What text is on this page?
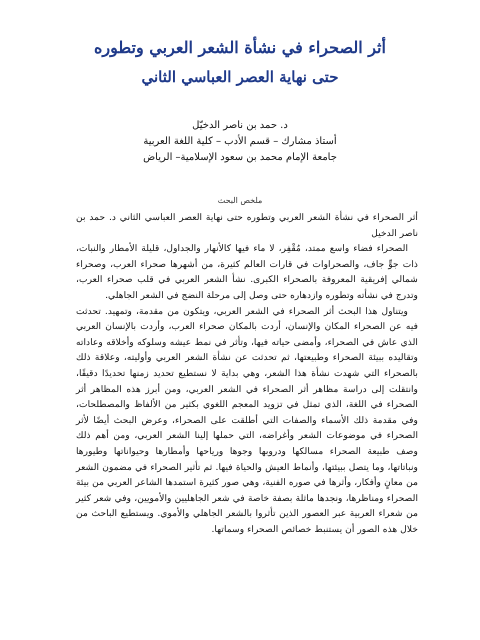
أثر الصحراء في نشأة الشعر العربي وتطوره
حتى نهاية العصر العباسي الثاني

د. حمد بن ناصر الدخيّل

أستاذ مشارك – قسم الأدب – كلية اللغة العربية

جامعة الإمام محمد بن سعود الإسلامية– الرياض

ملخص البحث

أثر الصحراء في نشأة الشعر العربي وتطوره حتى نهاية العصر العباسي الثاني د. حمد بن ناصر الدخيل

الصحراء فضاء واسع ممتد، مُقْفِر، لا ماء فيها كالأنهار والجداول، قليلة الأمطار والنبات، ذات جوٍّ جاف، والصحراوات في قارات العالم كثيرة، من أشهرها صحراء العرب، وصحراء شمالي إفريقية المعروفة بالصحراء الكبرى. نشأ الشعر العربي في قلب صحراء العرب، وتدرج في نشأته وتطوره وازدهاره حتى وصل إلى مرحلة النضج في الشعر الجاهلي.

ويتناول هذا البحث أثر الصحراء في الشعر العربي، ويتكون من مقدمة، وتمهيد. تحدثت فيه عن الصحراء المكان والإنسان، أردت بالمكان صحراء العرب، وأردت بالإنسان العربي الذي عاش في الصحراء، وأمضى حياته فيها، وتأثر في نمط عيشه وسلوكه وأخلاقه وعاداته وتقاليده ببيئة الصحراء وطبيعتها، ثم تحدثت عن نشأة الشعر العربي وأوليته، وعلاقة ذلك بالصحراء التي شهدت نشأة هذا الشعر، وهي بداية لا نستطيع تحديد زمنها تحديدًا دقيقًا، وانتقلت إلى دراسة مظاهر أثر الصحراء في الشعر العربي، ومن أبرز هذه المظاهر أثر الصحراء في اللغة، الذي تمثل في تزويد المعجم اللغوي بكثير من الألفاظ والمصطلحات، وفي مقدمة ذلك الأسماء والصفات التي أطلقت على الصحراء، وعرض البحث أيضًا لأثر الصحراء في موضوعات الشعر وأغراضه، التي حملها إلينا الشعر العربي، ومن أهم ذلك وصف طبيعة الصحراء مسالكها ودروبها وجوها ورياحها وأمطارها وحيواناتها وطيورها ونباتاتها، وما يتصل ببيئتها، وأنماط العيش والحياة فيها. ثم تأثير الصحراء في مضمون الشعر من معانٍ وأفكار، وأثرها في صوره الفنية، وهي صور كثيرة استمدها الشاعر العربي من بيئة الصحراء ومناظرها، ونجدها ماثلة بصفة خاصة في شعر الجاهليين والأمويين، وفي شعر كثير من شعراء العربية عبر العصور الذين تأثروا بالشعر الجاهلي والأموي. ويستطيع الباحث من خلال هذه الصور أن يستنبط خصائص الصحراء وسماتها.
